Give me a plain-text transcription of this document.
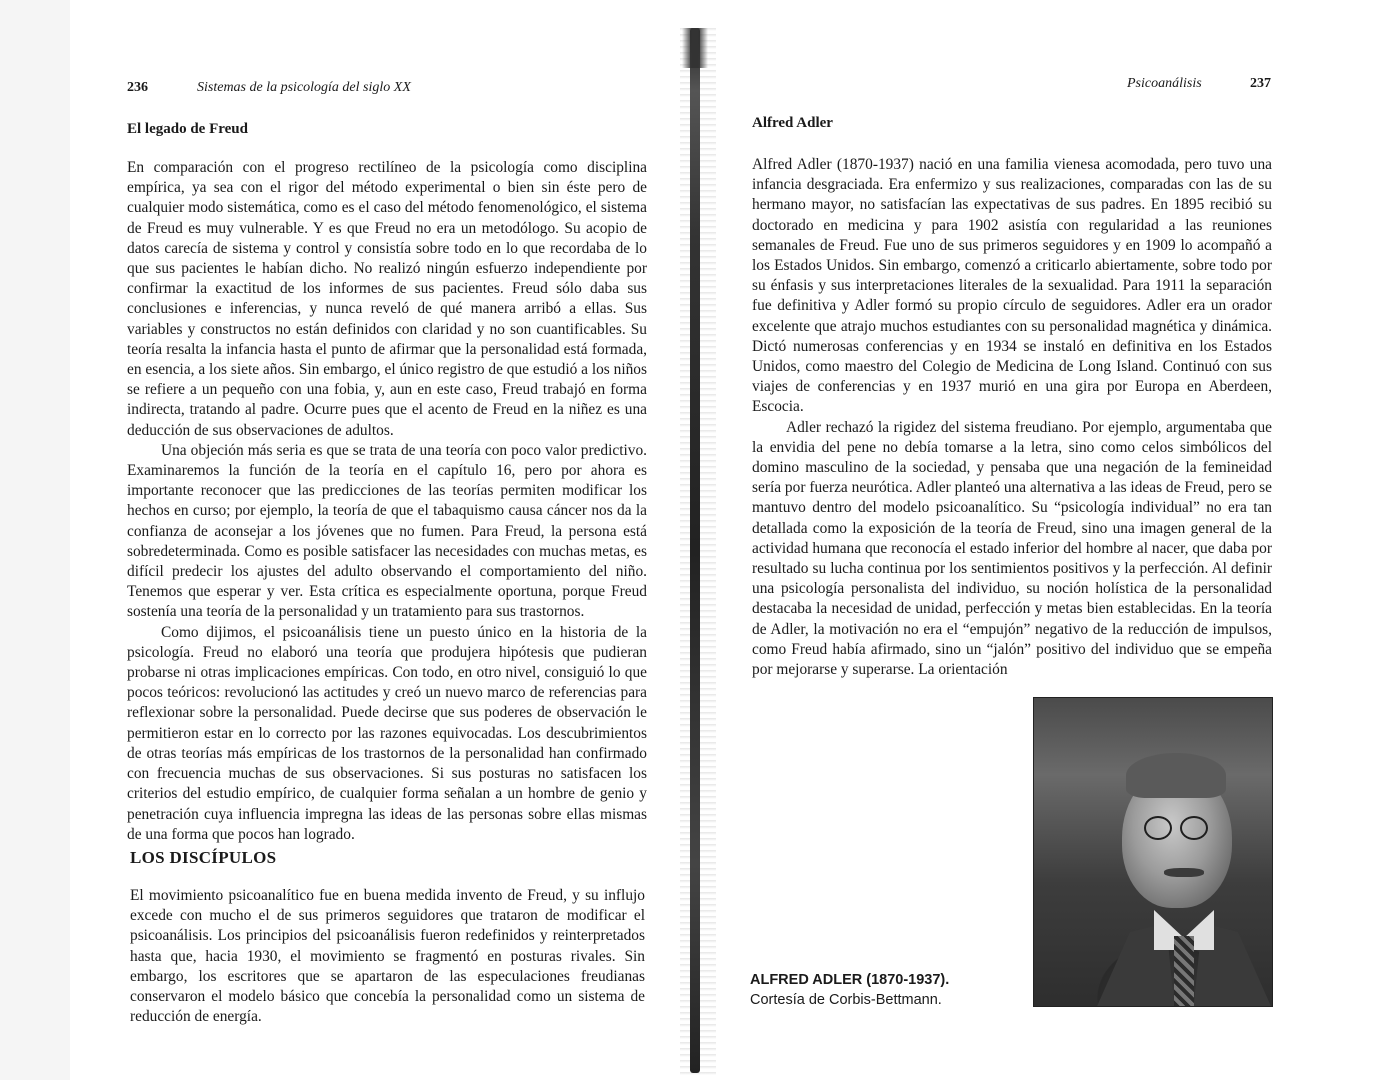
236	Sistemas de la psicología del siglo XX
El legado de Freud

En comparación con el progreso rectilíneo de la psicología como disciplina empírica, ya sea con el rigor del método experimental o bien sin éste pero de cualquier modo sistemática, como es el caso del método fenomenológico, el sistema de Freud es muy vulnerable. Y es que Freud no era un metodólogo. Su acopio de datos carecía de sistema y control y consistía sobre todo en lo que recordaba de lo que sus pacientes le habían dicho. No realizó ningún esfuerzo independiente por confirmar la exactitud de los informes de sus pacientes. Freud sólo daba sus conclusiones e inferencias, y nunca reveló de qué manera arribó a ellas. Sus variables y constructos no están definidos con claridad y no son cuantificables. Su teoría resalta la infancia hasta el punto de afirmar que la personalidad está formada, en esencia, a los siete años. Sin embargo, el único registro de que estudió a los niños se refiere a un pequeño con una fobia, y, aun en este caso, Freud trabajó en forma indirecta, tratando al padre. Ocurre pues que el acento de Freud en la niñez es una deducción de sus observaciones de adultos.

Una objeción más seria es que se trata de una teoría con poco valor predictivo. Examinaremos la función de la teoría en el capítulo 16, pero por ahora es importante reconocer que las predicciones de las teorías permiten modificar los hechos en curso; por ejemplo, la teoría de que el tabaquismo causa cáncer nos da la confianza de aconsejar a los jóvenes que no fumen. Para Freud, la persona está sobredeterminada. Como es posible satisfacer las necesidades con muchas metas, es difícil predecir los ajustes del adulto observando el comportamiento del niño. Tenemos que esperar y ver. Esta crítica es especialmente oportuna, porque Freud sostenía una teoría de la personalidad y un tratamiento para sus trastornos.

Como dijimos, el psicoanálisis tiene un puesto único en la historia de la psicología. Freud no elaboró una teoría que produjera hipótesis que pudieran probarse ni otras implicaciones empíricas. Con todo, en otro nivel, consiguió lo que pocos teóricos: revolucionó las actitudes y creó un nuevo marco de referencias para reflexionar sobre la personalidad. Puede decirse que sus poderes de observación le permitieron estar en lo correcto por las razones equivocadas. Los descubrimientos de otras teorías más empíricas de los trastornos de la personalidad han confirmado con frecuencia muchas de sus observaciones. Si sus posturas no satisfacen los criterios del estudio empírico, de cualquier forma señalan a un hombre de genio y penetración cuya influencia impregna las ideas de las personas sobre ellas mismas de una forma que pocos han logrado.

LOS DISCÍPULOS

El movimiento psicoanalítico fue en buena medida invento de Freud, y su influjo excede con mucho el de sus primeros seguidores que trataron de modificar el psicoanálisis. Los principios del psicoanálisis fueron redefinidos y reinterpretados hasta que, hacia 1930, el movimiento se fragmentó en posturas rivales. Sin embargo, los escritores que se apartaron de las especulaciones freudianas conservaron el modelo básico que concebía la personalidad como un sistema de reducción de energía.

Psicoanálisis	237
Alfred Adler

Alfred Adler (1870-1937) nació en una familia vienesa acomodada, pero tuvo una infancia desgraciada. Era enfermizo y sus realizaciones, comparadas con las de su hermano mayor, no satisfacían las expectativas de sus padres. En 1895 recibió su doctorado en medicina y para 1902 asistía con regularidad a las reuniones semanales de Freud. Fue uno de sus primeros seguidores y en 1909 lo acompañó a los Estados Unidos. Sin embargo, comenzó a criticarlo abiertamente, sobre todo por su énfasis y sus interpretaciones literales de la sexualidad. Para 1911 la separación fue definitiva y Adler formó su propio círculo de seguidores. Adler era un orador excelente que atrajo muchos estudiantes con su personalidad magnética y dinámica. Dictó numerosas conferencias y en 1934 se instaló en definitiva en los Estados Unidos, como maestro del Colegio de Medicina de Long Island. Continuó con sus viajes de conferencias y en 1937 murió en una gira por Europa en Aberdeen, Escocia.

Adler rechazó la rigidez del sistema freudiano. Por ejemplo, argumentaba que la envidia del pene no debía tomarse a la letra, sino como celos simbólicos del domino masculino de la sociedad, y pensaba que una negación de la femineidad sería por fuerza neurótica. Adler planteó una alternativa a las ideas de Freud, pero se mantuvo dentro del modelo psicoanalítico. Su “psicología individual” no era tan detallada como la exposición de la teoría de Freud, sino una imagen general de la actividad humana que reconocía el estado inferior del hombre al nacer, que daba por resultado su lucha continua por los sentimientos positivos y la perfección. Al definir una psicología personalista del individuo, su noción holística de la personalidad destacaba la necesidad de unidad, perfección y metas bien establecidas. En la teoría de Adler, la motivación no era el “empujón” negativo de la reducción de impulsos, como Freud había afirmado, sino un “jalón” positivo del individuo que se empeña por mejorarse y superarse. La orientación

ALFRED ADLER (1870-1937).
Cortesía de Corbis-Bettmann.
